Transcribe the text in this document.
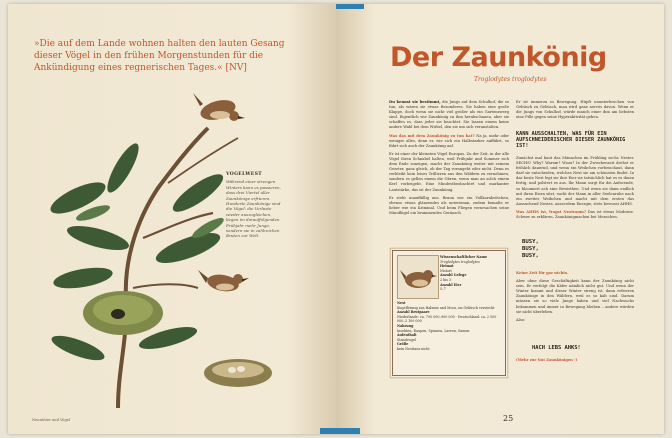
»Die auf dem Lande wohnen halten den lauten Gesang dieser Vögel in den frühen Morgenstunden für die Ankündigung eines regnerischen Tages.« [NV]
VOGELWEST
Während einer strengen Winters kann es passieren, dass drei Viertel aller Zaunkönige erfrieren. Hunderte Zaunkönige sind die Vögel: die Verluste wieder auszugleichen, liegen im darauffolgenden Frühjahr mehr Junge, sondern sie in zahlreichen Bruten zur Welt.
Neuntöter und Vögel
Der Zaunkönig
Troglodytes troglodytes
Du kennst sie bestimmt, die Jungs auf dem Schulhof, die so tun, als wären sie etwas Besonderes. Sie haben eine große Klappe, doch wenn sie nicht viel größer als ein Gartenzwerg sind. Eigentlich wie Zaunkönig zu ihm herabschauen, aber sie schaffen es, dass jeder sie beachtet. Sie lassen einem keine andere Wahl bei dem Wirbel, den sie um sich veranstalten.
Was das mit dem Zaunkönig zu tun hat? Na ja, mehr oder weniger alles, denn er, wie sich ein Halbstarker aufführt, so führt sich auch der Zaunkönig auf.
Er ist einer der kleinsten Vögel Europas. Zu der Zeit, in der alle Vögel ihren Schnabel halten, weil Frühjahr und Sommer sich dem Ende zuneigen, macht der Zaunkönig weiter mit seinem Gezeter, ganz gleich, ob der Tag vorangeht oder nicht. Denn es verbleibt kein leises Trillieren aus den Wäldern zu vernehmen, sondern es gellen einem die Ohren, wenn man an solch einem Kerl vorbeigeht. Eine Mindestbeobachtet und markanter Lautstärke, das ist der Zaunkönig.
Er steht unauffällig aus. Braun wie ein Vollkornbrötchen, ebenso etwas glänzendes als untereinan, zudem bemalte er lieber wie ein Kriminal. Und beim Fliegen verursachen seine Minuflügel ein brummendes Geräusch.
Er ist immerzu in Bewegung. Hüpft ununterbrochen von Gebüsch zu Gebüsch, mau wird ganz nervös davon. Wenn er die Jungs von Schulhof, würde manch einer ihm am liebsten eine Pille gegen seine Hyperaktivität geben.
KANN AUSSCHALTEN, WAS FÜR EIN AUFSCHNEIDERISCHER DIESER ZAUNKÖNIG IST!
Zunächst mal baut das Männchen im Frühling sechs Nester. SECHS! Why? Warum? Wozu? In der Zwischenzeit drehst er fröhlich dauernd, und wenn ein Weibchen vorbeischaut, dann darf sie entscheiden, welches Nest sie am schönsten findet. In das beste Nest legt sie ihre Eier sie tatsächlich hat es es ihnen fertig, und polstert es aus. Ihr Mann sorgt für die Aufseende, so bloomiert ach eine Bewirthen. Und wenn sie dann endlich mit ihren Eiern sitzt, sucht der Mann in aller Seelenruhe nach ein zweites Weibchen und macht mit dem ersten das Aussuchend Nestes, ausserdem Energie, stets bewusst AHHS.
Was AHHS ist, fragst Nestraum? Das ist etwas Moderne. Schwer zu erklären, Zaunkönigmachen bei Menschen.
BUSY,
BUSY,
BUSY,
Keine Zeit für gar nichts.
Aber ohne diese Geschäftigkeit kann der Zaunkönig nicht sein. Er verfolgt die Käfer nämlich nicht gut. Und wenn der Winter kommt und dieser Winter streng ist, dann erfrieren Zaunkönige in den Wäldern, weil es so kalt sind. Darum müssen sie so viele Junge haben und viel Nachwuchs bekommen und immer in Bewegung bleiben – andere würden sie nicht überleben.
Also:
HACH LEBS AHKS!
(Mehr zur Nut Zaunkönigen ›)
Wissenschaftlicher Name
Troglodytes troglodytes
Heimat
Nistort
Anzahl Gelege
2 bis 3
Anzahl Eier
5–7
Nest
Kugelförmig aus Halmen und Moos, im Gebüsch versteckt
Anzahl Brutpaare
Niederlande: ca. 700 000–900 000 · Deutschland: ca. 2 500 000–3 100 000
Nahrung
Insekten, Raupen, Spinnen, Larven, Samen
Aufenthalt
Standvogel
Größe
kein Nesttanz nicht
25
